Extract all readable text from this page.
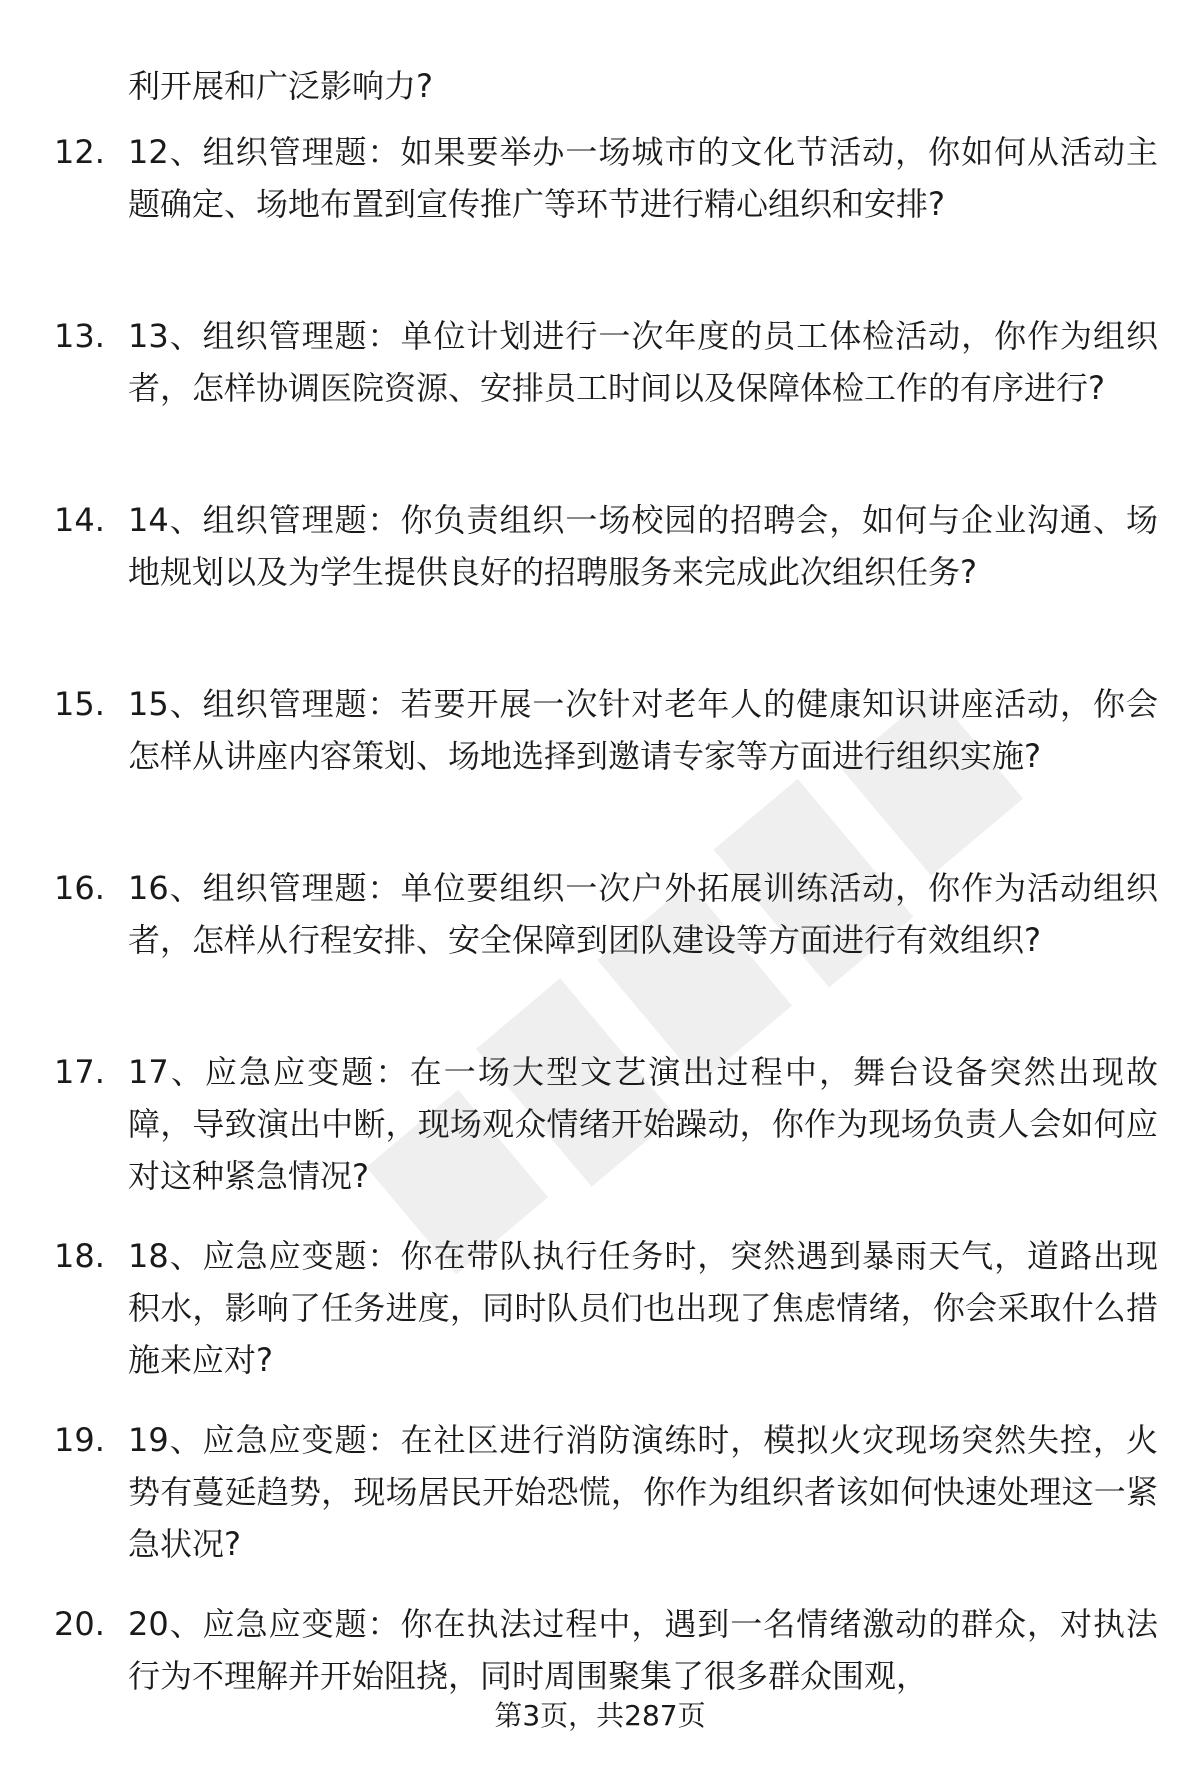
利开展和广泛影响力?

12. 12、组织管理题：如果要举办一场城市的文化节活动，你如何从活动主题确定、场地布置到宣传推广等环节进行精心组织和安排?

13. 13、组织管理题：单位计划进行一次年度的员工体检活动，你作为组织者，怎样协调医院资源、安排员工时间以及保障体检工作的有序进行?

14. 14、组织管理题：你负责组织一场校园的招聘会，如何与企业沟通、场地规划以及为学生提供良好的招聘服务来完成此次组织任务?

15. 15、组织管理题：若要开展一次针对老年人的健康知识讲座活动，你会怎样从讲座内容策划、场地选择到邀请专家等方面进行组织实施?

16. 16、组织管理题：单位要组织一次户外拓展训练活动，你作为活动组织者，怎样从行程安排、安全保障到团队建设等方面进行有效组织?

17. 17、应急应变题：在一场大型文艺演出过程中，舞台设备突然出现故障，导致演出中断，现场观众情绪开始躁动，你作为现场负责人会如何应对这种紧急情况?

18. 18、应急应变题：你在带队执行任务时，突然遇到暴雨天气，道路出现积水，影响了任务进度，同时队员们也出现了焦虑情绪，你会采取什么措施来应对?

19. 19、应急应变题：在社区进行消防演练时，模拟火灾现场突然失控，火势有蔓延趋势，现场居民开始恐慌，你作为组织者该如何快速处理这一紧急状况?

20. 20、应急应变题：你在执法过程中，遇到一名情绪激动的群众，对执法行为不理解并开始阻挠，同时周围聚集了很多群众围观，

第3页，共287页
